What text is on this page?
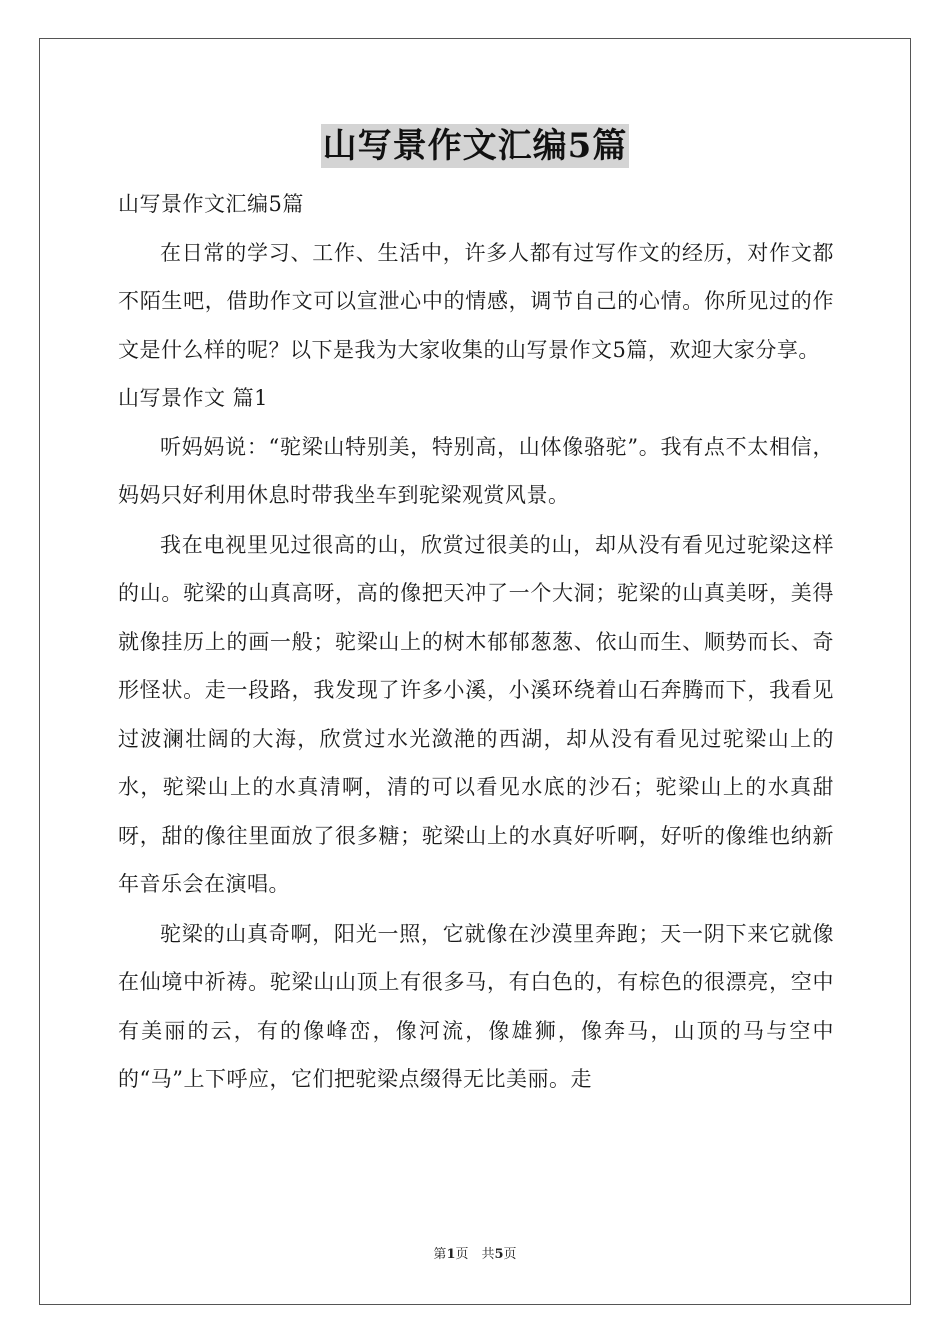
山写景作文汇编5篇

山写景作文汇编5篇

在日常的学习、工作、生活中，许多人都有过写作文的经历，对作文都不陌生吧，借助作文可以宣泄心中的情感，调节自己的心情。你所见过的作文是什么样的呢？以下是我为大家收集的山写景作文5篇，欢迎大家分享。

山写景作文 篇1

听妈妈说：“驼梁山特别美，特别高，山体像骆驼”。我有点不太相信，妈妈只好利用休息时带我坐车到驼梁观赏风景。

我在电视里见过很高的山，欣赏过很美的山，却从没有看见过驼梁这样的山。驼梁的山真高呀，高的像把天冲了一个大洞；驼梁的山真美呀，美得就像挂历上的画一般；驼梁山上的树木郁郁葱葱、依山而生、顺势而长、奇形怪状。走一段路，我发现了许多小溪，小溪环绕着山石奔腾而下，我看见过波澜壮阔的大海，欣赏过水光潋滟的西湖，却从没有看见过驼梁山上的水，驼梁山上的水真清啊，清的可以看见水底的沙石；驼梁山上的水真甜呀，甜的像往里面放了很多糖；驼梁山上的水真好听啊，好听的像维也纳新年音乐会在演唱。

驼梁的山真奇啊，阳光一照，它就像在沙漠里奔跑；天一阴下来它就像在仙境中祈祷。驼梁山山顶上有很多马，有白色的，有棕色的很漂亮，空中有美丽的云，有的像峰峦，像河流，像雄狮，像奔马，山顶的马与空中的“马”上下呼应，它们把驼梁点缀得无比美丽。走

第1页　共5页
